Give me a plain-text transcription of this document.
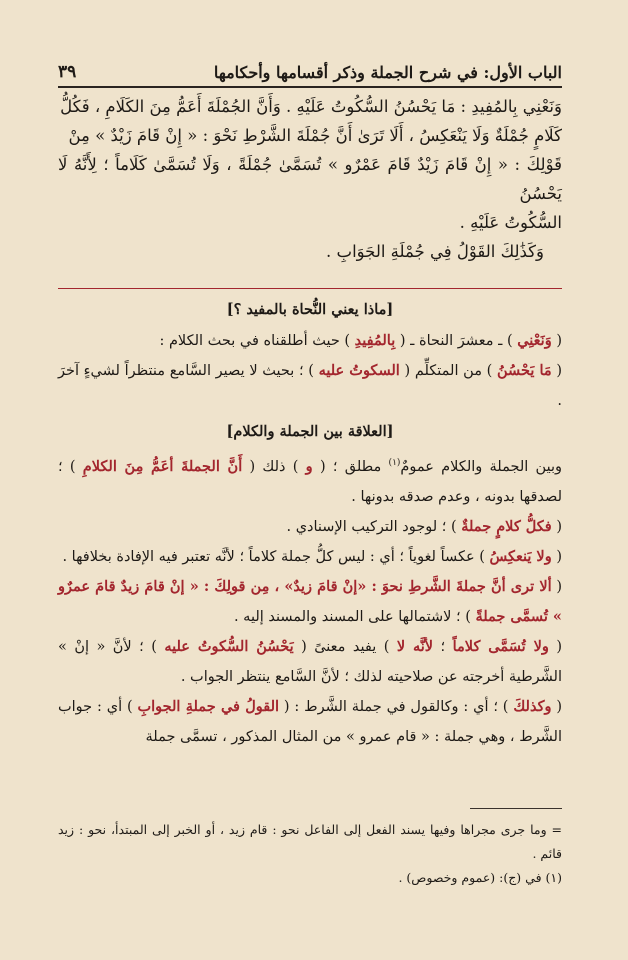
الباب الأول: في شرح الجملة وذكر أقسامها وأحكامها
٣٩

وَنَعْنِي بِالمُفِيدِ : مَا يَحْسُنُ السُّكُوتُ عَلَيْهِ . وَأَنَّ الجُمْلَةَ أَعَمُّ مِنَ الكَلَامِ ، فَكُلُّ

كَلَامٍ جُمْلَةٌ وَلَا يَنْعَكِسُ ، أَلَا تَرَىٰ أَنَّ جُمْلَةَ الشَّرْطِ نَحْوَ : « إِنْ قَامَ زَيْدٌ » مِنْ

قَوْلِكَ : « إِنْ قَامَ زَيْدٌ قَامَ عَمْرٌو » تُسَمَّىٰ جُمْلَةً ، وَلَا تُسَمَّىٰ كَلَاماً ؛ لِأَنَّهُ لَا يَحْسُنُ

السُّكُوتُ عَلَيْهِ .

وَكَذَٰلِكَ القَوْلُ فِي جُمْلَةِ الجَوَابِ .

[ماذا يعني النُّحاة بالمفيد ؟]

( وَنَعْنِي ) ـ معشرَ النحاة ـ ( بِالمُفِيدِ ) حيث أطلقناه في بحث الكلام :

( مَا يَحْسُنُ ) من المتكلِّم ( السكوتُ عليه ) ؛ بحيث لا يصير السَّامع منتظراً لشيءٍ آخرَ .

[العلاقة بين الجملة والكلام]

وبين الجملة والكلام عمومٌ$^{(١)}$ مطلق ؛ ( و ) ذلك ( أَنَّ الجملةَ أعَمُّ مِنَ الكلامِ ) ؛ لصدقها بدونه ، وعدم صدقه بدونها .

( فكلُّ كلامٍ جملةٌ ) ؛ لوجود التركيب الإسنادي .

( ولا يَنعكِسُ ) عكساً لغوياً ؛ أي : ليس كلُّ جملة كلاماً ؛ لأنَّه تعتبر فيه الإفادة بخلافها .

( ألا ترى أنَّ جملةَ الشَّرطِ نحوَ : «إنْ قامَ زيدٌ» ، مِن قولِكَ : « إنْ قامَ زيدٌ قامَ عمرٌو » تُسمَّى جملةً ) ؛ لاشتمالها على المسند والمسند إليه .

( ولا تُسَمَّى كلاماً ؛ لأنَّه لا ) يفيد معنىً ( يَحْسُنُ السُّكوتُ عليه ) ؛ لأنَّ « إنْ » الشَّرطية أخرجته عن صلاحيته لذلك ؛ لأنَّ السَّامع ينتظر الجواب .

( وكذلكَ ) ؛ أي : وكالقول في جملة الشَّرط : ( القولُ في جملةِ الجوابِ ) أي : جواب الشَّرط ، وهي جملة : « قام عمرو » من المثال المذكور ، تسمَّى جملة

= وما جرى مجراها وفيها يسند الفعل إلى الفاعل نحو : قام زيد ، أو الخبر إلى المبتدأ، نحو : زيد قائم .

(١) في (ج): (عموم وخصوص) .
